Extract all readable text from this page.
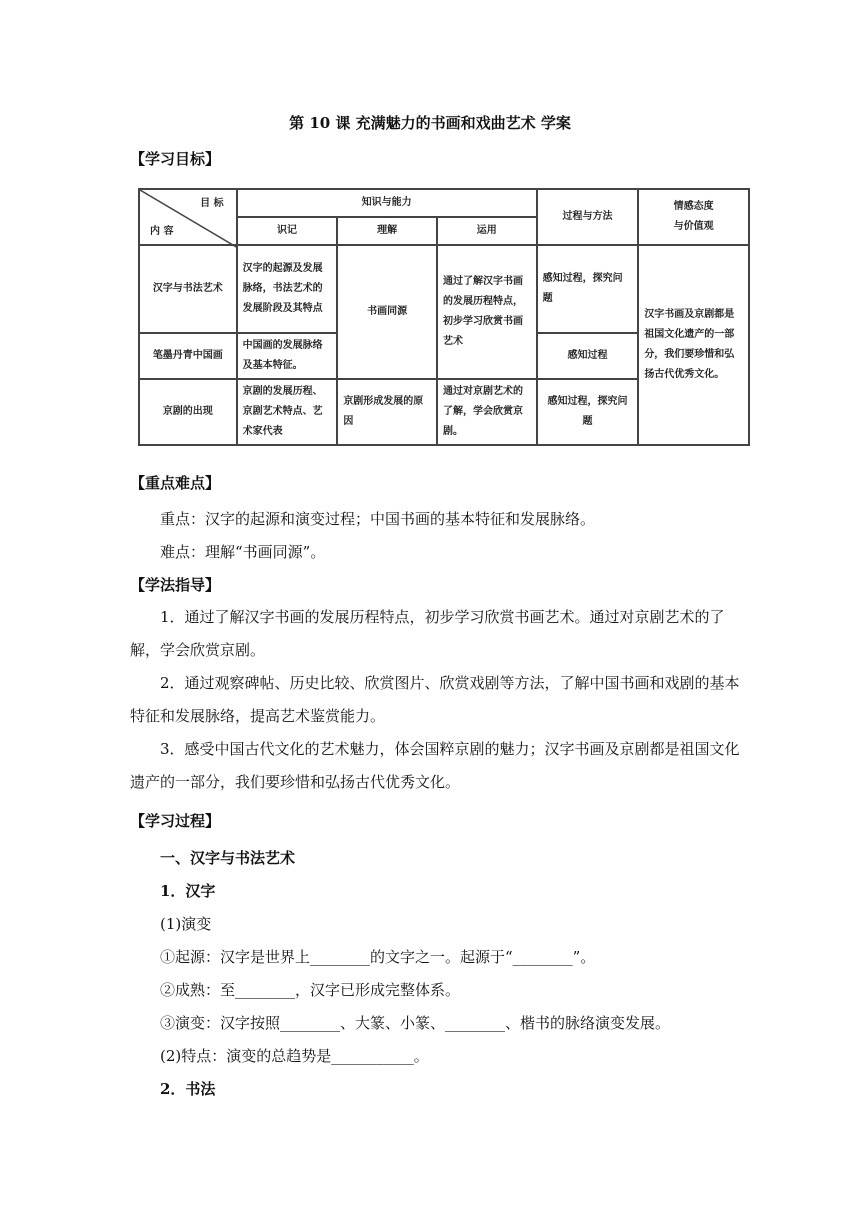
第 10 课 充满魅力的书画和戏曲艺术 学案
【学习目标】
目 标
内 容	知识与能力			过程与方法	情感态度
与价值观
	识记	理解	运用		
汉字与书法艺术	汉字的起源及发展脉络，书法艺术的发展阶段及其特点	书画同源	通过了解汉字书画的发展历程特点，初步学习欣赏书画艺术	感知过程，探究问题	汉字书画及京剧都是祖国文化遗产的一部分，我们要珍惜和弘扬古代优秀文化。
笔墨丹青中国画	中国画的发展脉络及基本特征。			感知过程	
京剧的出现	京剧的发展历程、京剧艺术特点、艺术家代表	京剧形成发展的原因	通过对京剧艺术的了解，学会欣赏京剧。	感知过程，探究问题	
【重点难点】
重点：汉字的起源和演变过程；中国书画的基本特征和发展脉络。
难点：理解“书画同源”。
【学法指导】
1．通过了解汉字书画的发展历程特点，初步学习欣赏书画艺术。通过对京剧艺术的了解，学会欣赏京剧。
2．通过观察碑帖、历史比较、欣赏图片、欣赏戏剧等方法，了解中国书画和戏剧的基本特征和发展脉络，提高艺术鉴赏能力。
3．感受中国古代文化的艺术魅力，体会国粹京剧的魅力；汉字书画及京剧都是祖国文化遗产的一部分，我们要珍惜和弘扬古代优秀文化。
【学习过程】
一、汉字与书法艺术
1．汉字
(1)演变
①起源：汉字是世界上________的文字之一。起源于“________”。
②成熟：至________，汉字已形成完整体系。
③演变：汉字按照________、大篆、小篆、________、楷书的脉络演变发展。
(2)特点：演变的总趋势是___________。
2．书法
